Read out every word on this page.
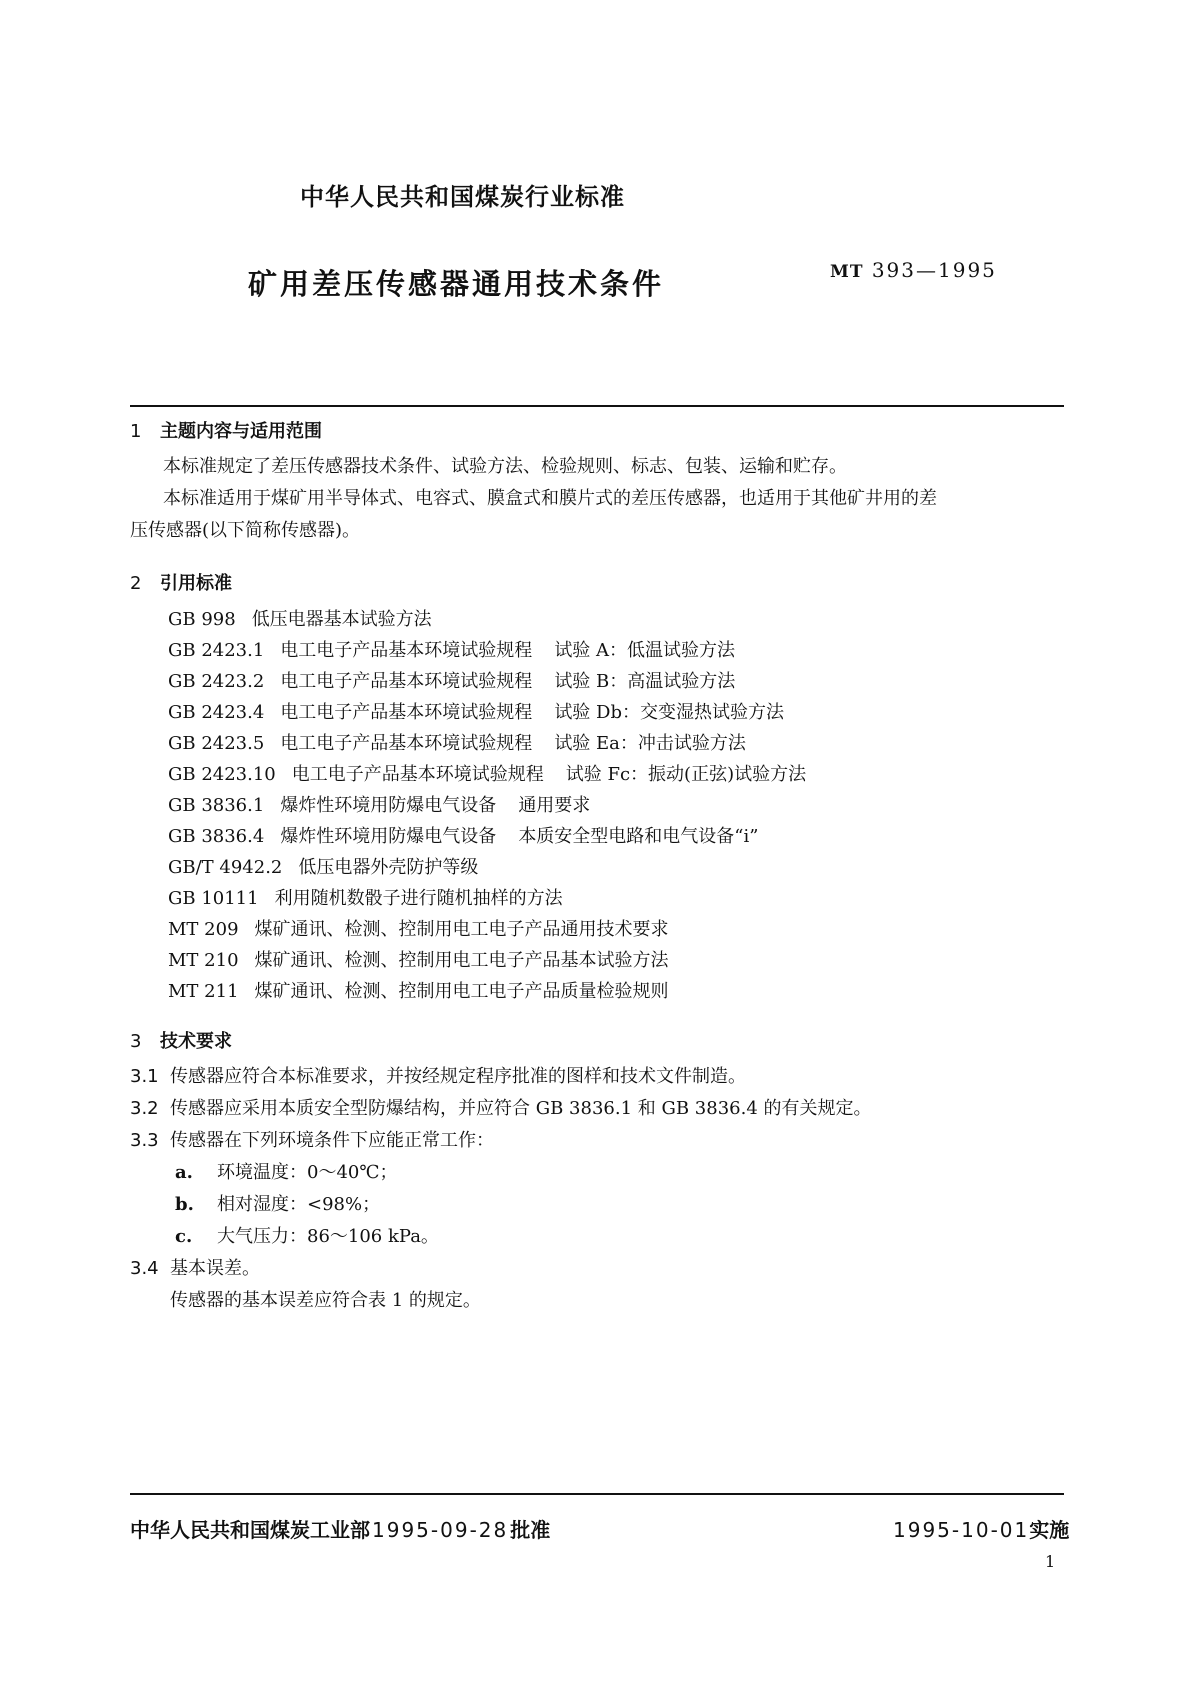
中华人民共和国煤炭行业标准
矿用差压传感器通用技术条件	MT 393—1995
1 主题内容与适用范围
本标准规定了差压传感器技术条件、试验方法、检验规则、标志、包装、运输和贮存。
本标准适用于煤矿用半导体式、电容式、膜盒式和膜片式的差压传感器，也适用于其他矿井用的差
压传感器(以下简称传感器)。
2 引用标准
GB 998 低压电器基本试验方法
GB 2423.1 电工电子产品基本环境试验规程 试验 A：低温试验方法
GB 2423.2 电工电子产品基本环境试验规程 试验 B：高温试验方法
GB 2423.4 电工电子产品基本环境试验规程 试验 Db：交变湿热试验方法
GB 2423.5 电工电子产品基本环境试验规程 试验 Ea：冲击试验方法
GB 2423.10 电工电子产品基本环境试验规程 试验 Fc：振动(正弦)试验方法
GB 3836.1 爆炸性环境用防爆电气设备 通用要求
GB 3836.4 爆炸性环境用防爆电气设备 本质安全型电路和电气设备“i”
GB/T 4942.2 低压电器外壳防护等级
GB 10111 利用随机数骰子进行随机抽样的方法
MT 209 煤矿通讯、检测、控制用电工电子产品通用技术要求
MT 210 煤矿通讯、检测、控制用电工电子产品基本试验方法
MT 211 煤矿通讯、检测、控制用电工电子产品质量检验规则
3 技术要求
3.1 传感器应符合本标准要求，并按经规定程序批准的图样和技术文件制造。
3.2 传感器应采用本质安全型防爆结构，并应符合 GB 3836.1 和 GB 3836.4 的有关规定。
3.3 传感器在下列环境条件下应能正常工作：
a. 环境温度：0～40℃；
b. 相对湿度：<98%；
c. 大气压力：86～106 kPa。
3.4 基本误差。
传感器的基本误差应符合表 1 的规定。
中华人民共和国煤炭工业部 1995-09-28 批准	1995-10-01实施
1
